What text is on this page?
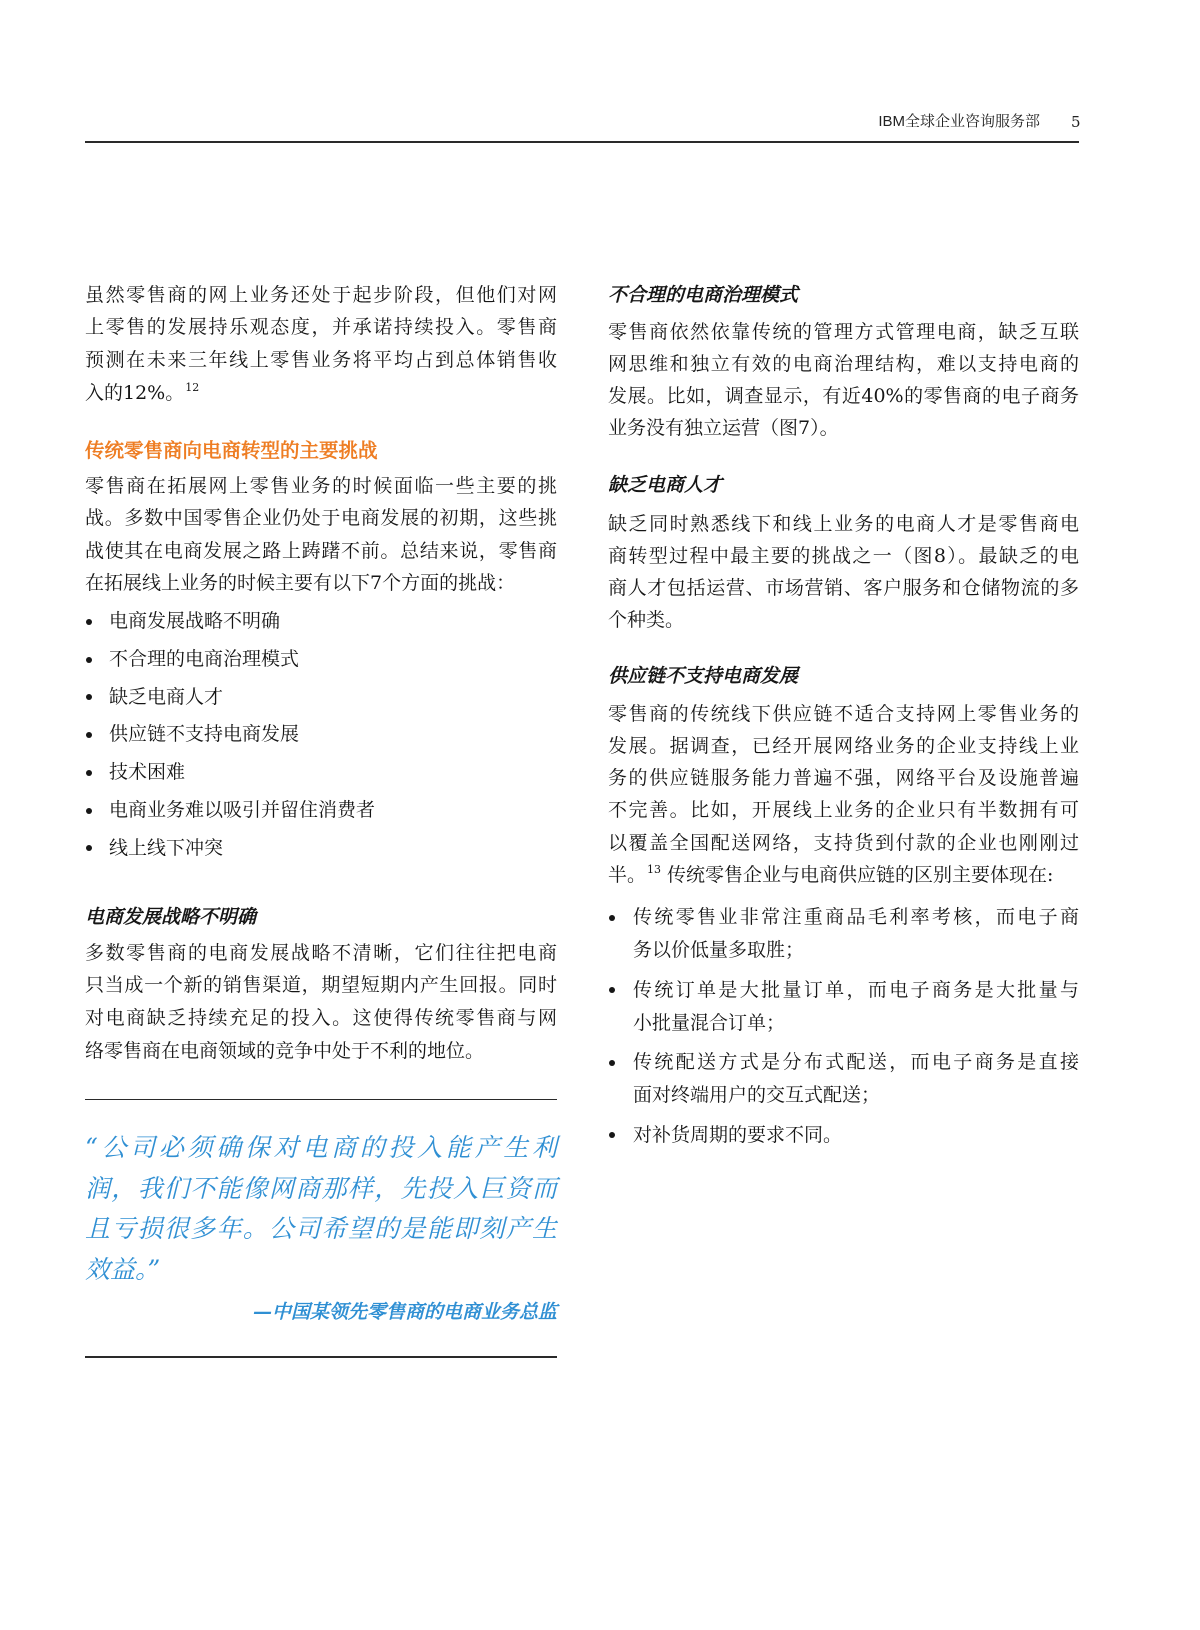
IBM全球企业咨询服务部 5
虽然零售商的网上业务还处于起步阶段，但他们对网
上零售的发展持乐观态度，并承诺持续投入。零售商
预测在未来三年线上零售业务将平均占到总体销售收
入的12%。$^{12}$
传统零售商向电商转型的主要挑战
零售商在拓展网上零售业务的时候面临一些主要的挑
战。多数中国零售企业仍处于电商发展的初期，这些挑
战使其在电商发展之路上踌躇不前。总结来说，零售商
在拓展线上业务的时候主要有以下7个方面的挑战：
电商发展战略不明确
不合理的电商治理模式
缺乏电商人才
供应链不支持电商发展
技术困难
电商业务难以吸引并留住消费者
线上线下冲突
电商发展战略不明确
多数零售商的电商发展战略不清晰，它们往往把电商
只当成一个新的销售渠道，期望短期内产生回报。同时
对电商缺乏持续充足的投入。这使得传统零售商与网
络零售商在电商领域的竞争中处于不利的地位。
“公司必须确保对电商的投入能产生利
润，我们不能像网商那样，先投入巨资而
且亏损很多年。公司希望的是能即刻产生
效益。”
—中国某领先零售商的电商业务总监
不合理的电商治理模式
零售商依然依靠传统的管理方式管理电商，缺乏互联
网思维和独立有效的电商治理结构，难以支持电商的
发展。比如，调查显示，有近40%的零售商的电子商务
业务没有独立运营（图7）。
缺乏电商人才
缺乏同时熟悉线下和线上业务的电商人才是零售商电
商转型过程中最主要的挑战之一（图8）。最缺乏的电
商人才包括运营、市场营销、客户服务和仓储物流的多
个种类。
供应链不支持电商发展
零售商的传统线下供应链不适合支持网上零售业务的
发展。据调查，已经开展网络业务的企业支持线上业
务的供应链服务能力普遍不强，网络平台及设施普遍
不完善。比如，开展线上业务的企业只有半数拥有可
以覆盖全国配送网络，支持货到付款的企业也刚刚过
半。$^{13}$ 传统零售企业与电商供应链的区别主要体现在:
传统零售业非常注重商品毛利率考核，而电子商
务以价低量多取胜；
传统订单是大批量订单，而电子商务是大批量与
小批量混合订单；
传统配送方式是分布式配送，而电子商务是直接
面对终端用户的交互式配送；
对补货周期的要求不同。
